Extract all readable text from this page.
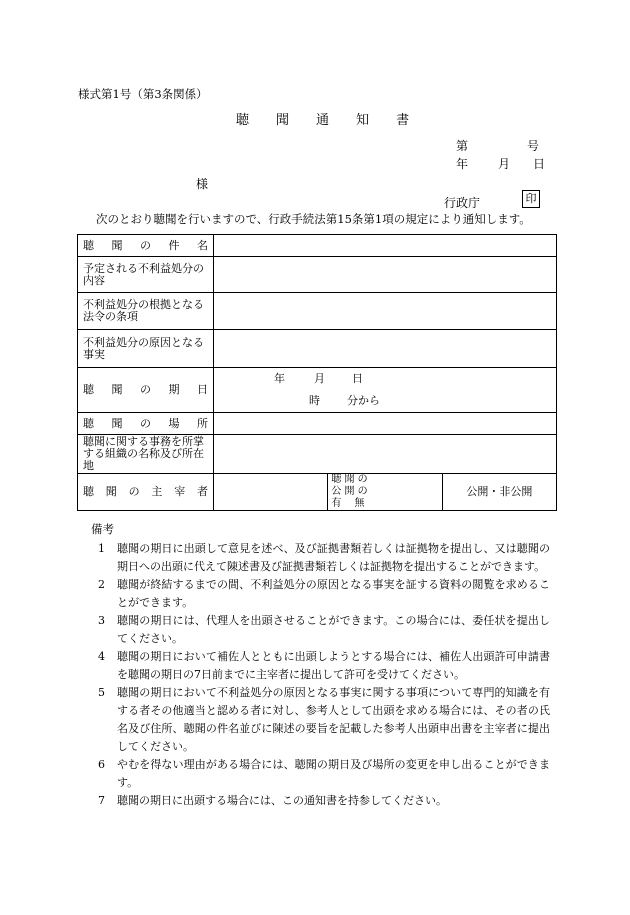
様式第1号（第3条関係）
聴 聞 通 知 書
第	号
年 月 日
様
行政庁	印
次のとおり聴聞を行いますので、行政手続法第15条第1項の規定により通知します。
聴　聞　の　件　名			
予定される不利益処分の内容			
不利益処分の根拠となる法令の条項			
不利益処分の原因となる事実			
聴　聞　の　期　日	年 月 日
時 分から		

聴　聞　の　場　所			
聴聞に関する事務を所掌する組織の名称及び所在地			
聴　聞　の　主　宰　者		聴 聞 の
公 開 の
有　 無	公開・非公開
備考
1 聴聞の期日に出頭して意見を述べ、及び証拠書類若しくは証拠物を提出し、又は聴聞の期日への出頭に代えて陳述書及び証拠書類若しくは証拠物を提出することができます。
2 聴聞が終結するまでの間、不利益処分の原因となる事実を証する資料の閲覧を求めることができます。
3 聴聞の期日には、代理人を出頭させることができます。この場合には、委任状を提出してください。
4 聴聞の期日において補佐人とともに出頭しようとする場合には、補佐人出頭許可申請書を聴聞の期日の7日前までに主宰者に提出して許可を受けてください。
5 聴聞の期日において不利益処分の原因となる事実に関する事項について専門的知識を有する者その他適当と認める者に対し、参考人として出頭を求める場合には、その者の氏名及び住所、聴聞の件名並びに陳述の要旨を記載した参考人出頭申出書を主宰者に提出してください。
6 やむを得ない理由がある場合には、聴聞の期日及び場所の変更を申し出ることができます。
7 聴聞の期日に出頭する場合には、この通知書を持参してください。
